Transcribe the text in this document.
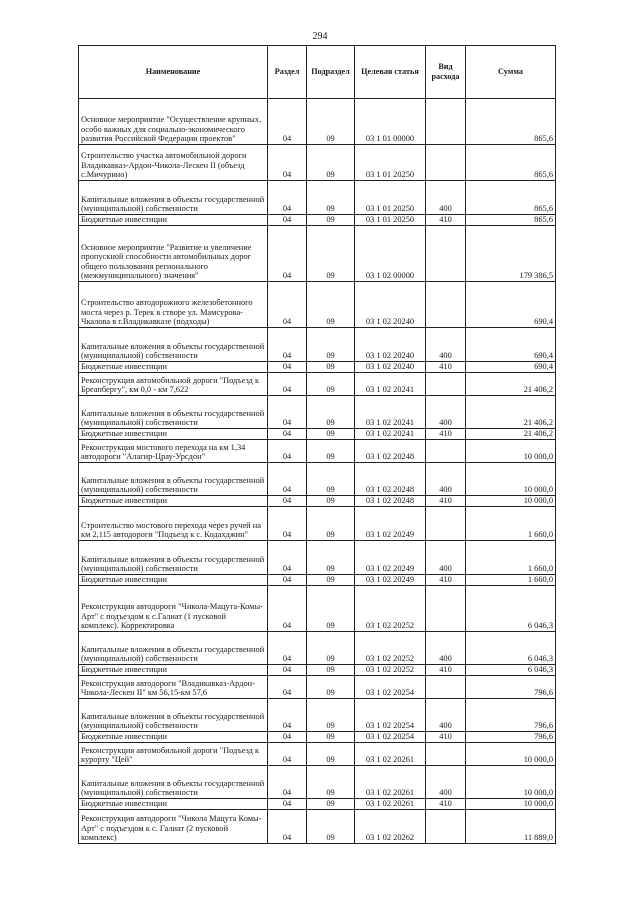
294
Наименование	Раздел	Подраздел	Целевая статья	Вид расхода	Сумма
Основное мероприятие "Осуществление крупных, особо важных для социально-экономического развития Российской Федерации проектов"	04	09	03 1 01 00000		865,6
Строительство участка автомобильной дороги Владикавказ-Ардон-Чикола-Лескен II (объезд с.Мичурино)	04	09	03 1 01 20250		865,6
Капитальные вложения в объекты государственной (муниципальной) собственности	04	09	03 1 01 20250	400	865,6
Бюджетные инвестиции	04	09	03 1 01 20250	410	865,6
Основное мероприятие "Развитие и увеличение пропускной способности автомобильных дорог общего пользования регионального (межмуниципального) значения"	04	09	03 1 02 00000		179 386,5
Строительство автодорожного железобетонного моста через р. Терек в створе ул. Мамсурова-Чкалова в г.Владикавказе (подходы)	04	09	03 1 02 20240		690,4
Капитальные вложения в объекты государственной (муниципальной) собственности	04	09	03 1 02 20240	400	690,4
Бюджетные инвестиции	04	09	03 1 02 20240	410	690,4
Реконструкция автомобильной дороги "Подъезд к Бреапбергу", км 0,0 - км 7,622	04	09	03 1 02 20241		21 406,2
Капитальные вложения в объекты государственной (муниципальной) собственности	04	09	03 1 02 20241	400	21 406,2
Бюджетные инвестиции	04	09	03 1 02 20241	410	21 406,2
Реконструкция мостового перехода на км 1,34 автодороги "Алагир-Црау-Урсдон"	04	09	03 1 02 20248		10 000,0
Капитальные вложения в объекты государственной (муниципальной) собственности	04	09	03 1 02 20248	400	10 000,0
Бюджетные инвестиции	04	09	03 1 02 20248	410	10 000,0
Строительство мостового перехода через ручей на км 2,115 автодороги "Подъезд к с. Кодахджин"	04	09	03 1 02 20249		1 660,0
Капитальные вложения в объекты государственной (муниципальной) собственности	04	09	03 1 02 20249	400	1 660,0
Бюджетные инвестиции	04	09	03 1 02 20249	410	1 660,0
Реконструкция автодороги "Чикола-Мацута-Комы-Арт" с подъездом к с.Галиат (1 пусковой комплекс). Корректировка	04	09	03 1 02 20252		6 046,3
Капитальные вложения в объекты государственной (муниципальной) собственности	04	09	03 1 02 20252	400	6 046,3
Бюджетные инвестиции	04	09	03 1 02 20252	410	6 046,3
Реконструкция автодороги "Владикавказ-Ардон-Чикола-Лескен II" км 56,15-км 57,6	04	09	03 1 02 20254		796,6
Капитальные вложения в объекты государственной (муниципальной) собственности	04	09	03 1 02 20254	400	796,6
Бюджетные инвестиции	04	09	03 1 02 20254	410	796,6
Реконструкция автомобильной дороги "Подъезд к курорту "Цей"	04	09	03 1 02 20261		10 000,0
Капитальные вложения в объекты государственной (муниципальной) собственности	04	09	03 1 02 20261	400	10 000,0
Бюджетные инвестиции	04	09	03 1 02 20261	410	10 000,0
Реконструкция автодороги "Чикола Мацута Комы-Арт" с подъездом к с. Галиат (2 пусковой комплекс)	04	09	03 1 02 20262		11 889,0
